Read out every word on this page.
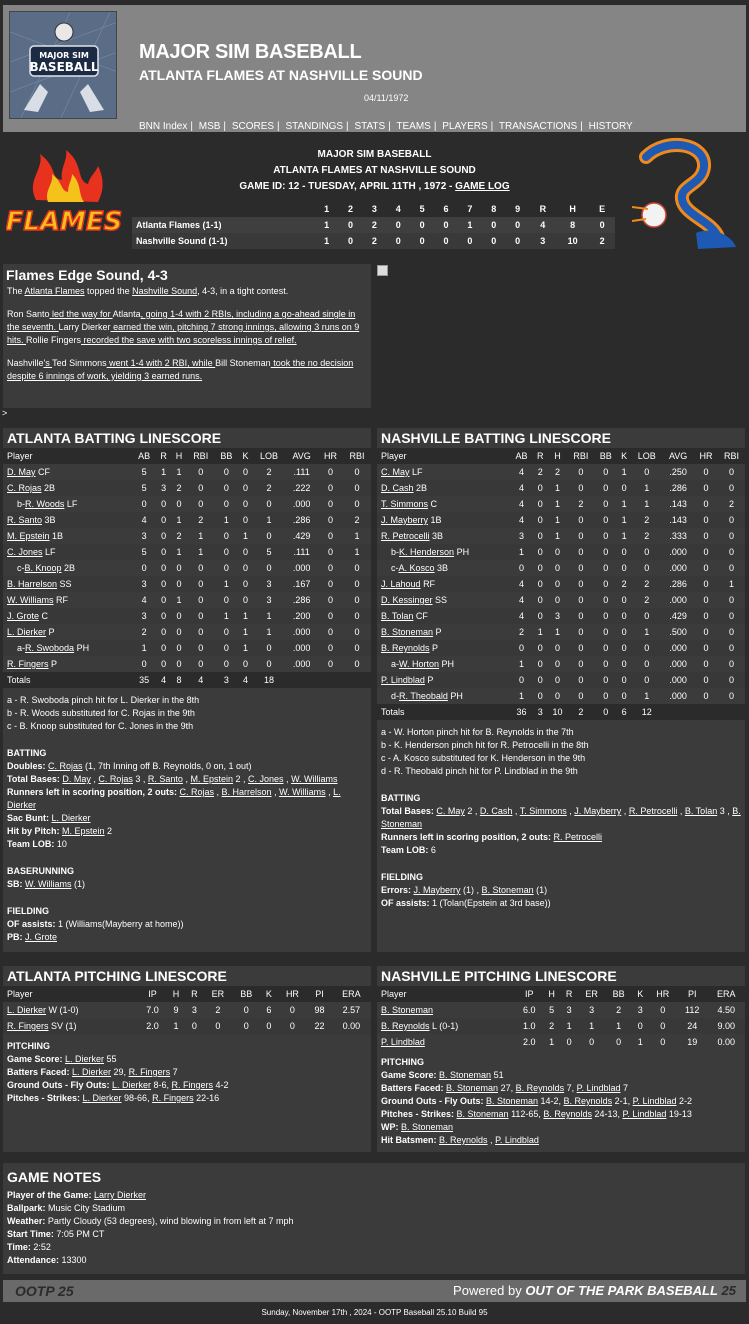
MAJOR SIM
BASEBALL
MAJOR SIM BASEBALL
ATLANTA FLAMES AT NASHVILLE SOUND
04/11/1972
BNN Index | MSB | SCORES | STANDINGS | STATS | TEAMS | PLAYERS | TRANSACTIONS | HISTORY
MAJOR SIM BASEBALL
ATLANTA FLAMES AT NASHVILLE SOUND
GAME ID: 12 - TUESDAY, APRIL 11TH , 1972 - GAME LOG
FLAMES
		1	2	3	4	5	6	7	8	9	R	H	E
Atlanta Flames (1-1)	1	0	2	0	0	0	1	0	0	4	8	0
Nashville Sound (1-1)	1	0	2	0	0	0	0	0	0	3	10	2
Flames Edge Sound, 4-3
The Atlanta Flames topped the Nashville Sound, 4-3, in a tight contest.
Ron Santo led the way for Atlanta, going 1-4 with 2 RBIs, including a go-ahead single in the seventh. Larry Dierker earned the win, pitching 7 strong innings, allowing 3 runs on 9 hits. Rollie Fingers recorded the save with two scoreless innings of relief.
Nashville's Ted Simmons went 1-4 with 2 RBI, while Bill Stoneman took the no decision despite 6 innings of work, yielding 3 earned runs.
>
ATLANTA BATTING LINESCORE
Player	AB	R	H	RBI	BB	K	LOB	AVG	HR	RBI
D. May CF	5	1	1	0	0	0	2	.111	0	0
C. Rojas 2B	5	3	2	0	0	0	2	.222	0	0
b-R. Woods LF	0	0	0	0	0	0	0	.000	0	0
R. Santo 3B	4	0	1	2	1	0	1	.286	0	2
M. Epstein 1B	3	0	2	1	0	1	0	.429	0	1
C. Jones LF	5	0	1	1	0	0	5	.111	0	1
c-B. Knoop 2B	0	0	0	0	0	0	0	.000	0	0
B. Harrelson SS	3	0	0	0	1	0	3	.167	0	0
W. Williams RF	4	0	1	0	0	0	3	.286	0	0
J. Grote C	3	0	0	0	1	1	1	.200	0	0
L. Dierker P	2	0	0	0	0	1	1	.000	0	0
a-R. Swoboda PH	1	0	0	0	0	1	0	.000	0	0
R. Fingers P	0	0	0	0	0	0	0	.000	0	0
Totals	35	4	8	4	3	4	18			
a - R. Swoboda pinch hit for L. Dierker in the 8th
b - R. Woods substituted for C. Rojas in the 9th
c - B. Knoop substituted for C. Jones in the 9th
BATTING
Doubles: C. Rojas (1, 7th Inning off B. Reynolds, 0 on, 1 out)
Total Bases: D. May , C. Rojas 3 , R. Santo , M. Epstein 2 , C. Jones , W. Williams
Runners left in scoring position, 2 outs: C. Rojas , B. Harrelson , W. Williams , L. Dierker
Sac Bunt: L. Dierker
Hit by Pitch: M. Epstein 2
Team LOB: 10
BASERUNNING
SB: W. Williams (1)
FIELDING
OF assists: 1 (Williams(Mayberry at home))
PB: J. Grote
NASHVILLE BATTING LINESCORE
Player	AB	R	H	RBI	BB	K	LOB	AVG	HR	RBI
C. May LF	4	2	2	0	0	1	0	.250	0	0
D. Cash 2B	4	0	1	0	0	0	1	.286	0	0
T. Simmons C	4	0	1	2	0	1	1	.143	0	2
J. Mayberry 1B	4	0	1	0	0	1	2	.143	0	0
R. Petrocelli 3B	3	0	1	0	0	1	2	.333	0	0
b-K. Henderson PH	1	0	0	0	0	0	0	.000	0	0
c-A. Kosco 3B	0	0	0	0	0	0	0	.000	0	0
J. Lahoud RF	4	0	0	0	0	2	2	.286	0	1
D. Kessinger SS	4	0	0	0	0	0	2	.000	0	0
B. Tolan CF	4	0	3	0	0	0	0	.429	0	0
B. Stoneman P	2	1	1	0	0	0	1	.500	0	0
B. Reynolds P	0	0	0	0	0	0	0	.000	0	0
a-W. Horton PH	1	0	0	0	0	0	0	.000	0	0
P. Lindblad P	0	0	0	0	0	0	0	.000	0	0
d-R. Theobald PH	1	0	0	0	0	0	1	.000	0	0
Totals	36	3	10	2	0	6	12			
a - W. Horton pinch hit for B. Reynolds in the 7th
b - K. Henderson pinch hit for R. Petrocelli in the 8th
c - A. Kosco substituted for K. Henderson in the 9th
d - R. Theobald pinch hit for P. Lindblad in the 9th
BATTING
Total Bases: C. May 2 , D. Cash , T. Simmons , J. Mayberry , R. Petrocelli , B. Tolan 3 , B. Stoneman
Runners left in scoring position, 2 outs: R. Petrocelli
Team LOB: 6
FIELDING
Errors: J. Mayberry (1) , B. Stoneman (1)
OF assists: 1 (Tolan(Epstein at 3rd base))
ATLANTA PITCHING LINESCORE
Player	IP	H	R	ER	BB	K	HR	PI	ERA
L. Dierker W (1-0)	7.0	9	3	2	0	6	0	98	2.57
R. Fingers SV (1)	2.0	1	0	0	0	0	0	22	0.00
PITCHING
Game Score: L. Dierker 55
Batters Faced: L. Dierker 29, R. Fingers 7
Ground Outs - Fly Outs: L. Dierker 8-6, R. Fingers 4-2
Pitches - Strikes: L. Dierker 98-66, R. Fingers 22-16
NASHVILLE PITCHING LINESCORE
Player	IP	H	R	ER	BB	K	HR	PI	ERA
B. Stoneman	6.0	5	3	3	2	3	0	112	4.50
B. Reynolds L (0-1)	1.0	2	1	1	1	0	0	24	9.00
P. Lindblad	2.0	1	0	0	0	1	0	19	0.00
PITCHING
Game Score: B. Stoneman 51
Batters Faced: B. Stoneman 27, B. Reynolds 7, P. Lindblad 7
Ground Outs - Fly Outs: B. Stoneman 14-2, B. Reynolds 2-1, P. Lindblad 2-2
Pitches - Strikes: B. Stoneman 112-65, B. Reynolds 24-13, P. Lindblad 19-13
WP: B. Stoneman
Hit Batsmen: B. Reynolds , P. Lindblad
GAME NOTES
Player of the Game: Larry Dierker
Ballpark: Music City Stadium
Weather: Partly Cloudy (53 degrees), wind blowing in from left at 7 mph
Start Time: 7:05 PM CT
Time: 2:52
Attendance: 13300
OOTP 25	Powered by OUT OF THE PARK BASEBALL 25
Sunday, November 17th , 2024 - OOTP Baseball 25.10 Build 95
